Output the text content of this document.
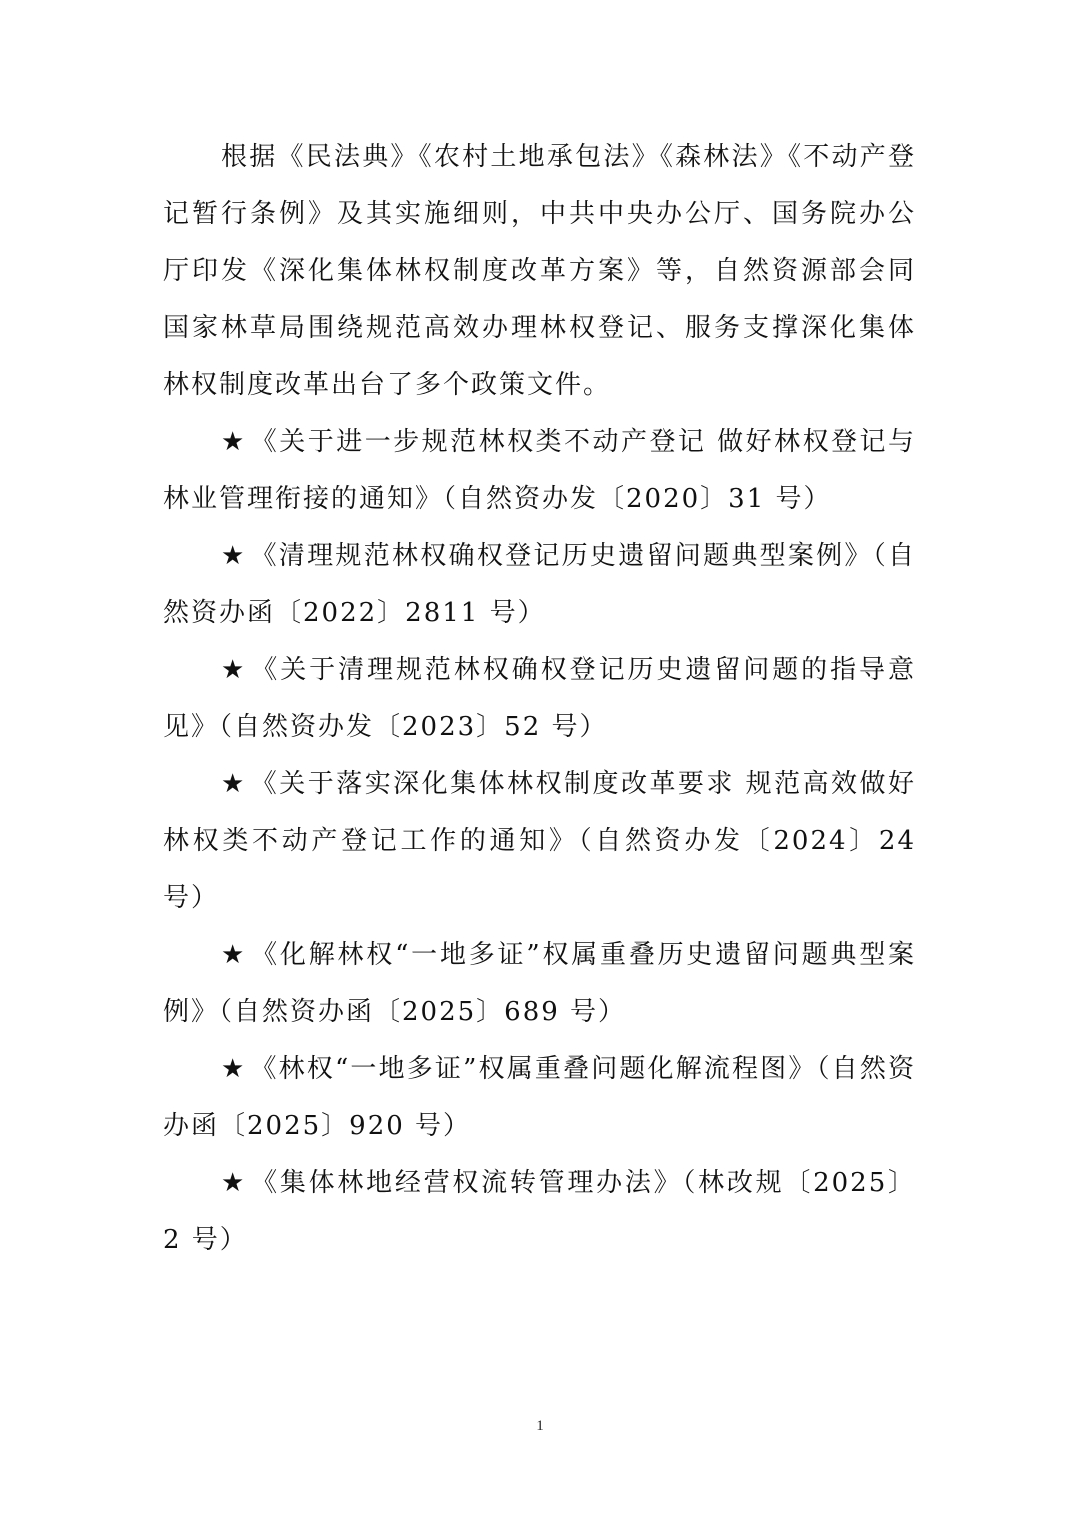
根据《民法典》《农村土地承包法》《森林法》《不动产登记暂行条例》及其实施细则，中共中央办公厅、国务院办公厅印发《深化集体林权制度改革方案》等，自然资源部会同国家林草局围绕规范高效办理林权登记、服务支撑深化集体林权制度改革出台了多个政策文件。

★ 《关于进一步规范林权类不动产登记 做好林权登记与林业管理衔接的通知》（自然资办发〔2020〕31 号）

★ 《清理规范林权确权登记历史遗留问题典型案例》（自然资办函〔2022〕2811 号）

★ 《关于清理规范林权确权登记历史遗留问题的指导意见》（自然资办发〔2023〕52 号）

★ 《关于落实深化集体林权制度改革要求 规范高效做好林权类不动产登记工作的通知》（自然资办发〔2024〕24 号）

★ 《化解林权“一地多证”权属重叠历史遗留问题典型案例》（自然资办函〔2025〕689 号）

★ 《林权“一地多证”权属重叠问题化解流程图》（自然资办函〔2025〕920 号）

★ 《集体林地经营权流转管理办法》（林改规〔2025〕2 号）

1
